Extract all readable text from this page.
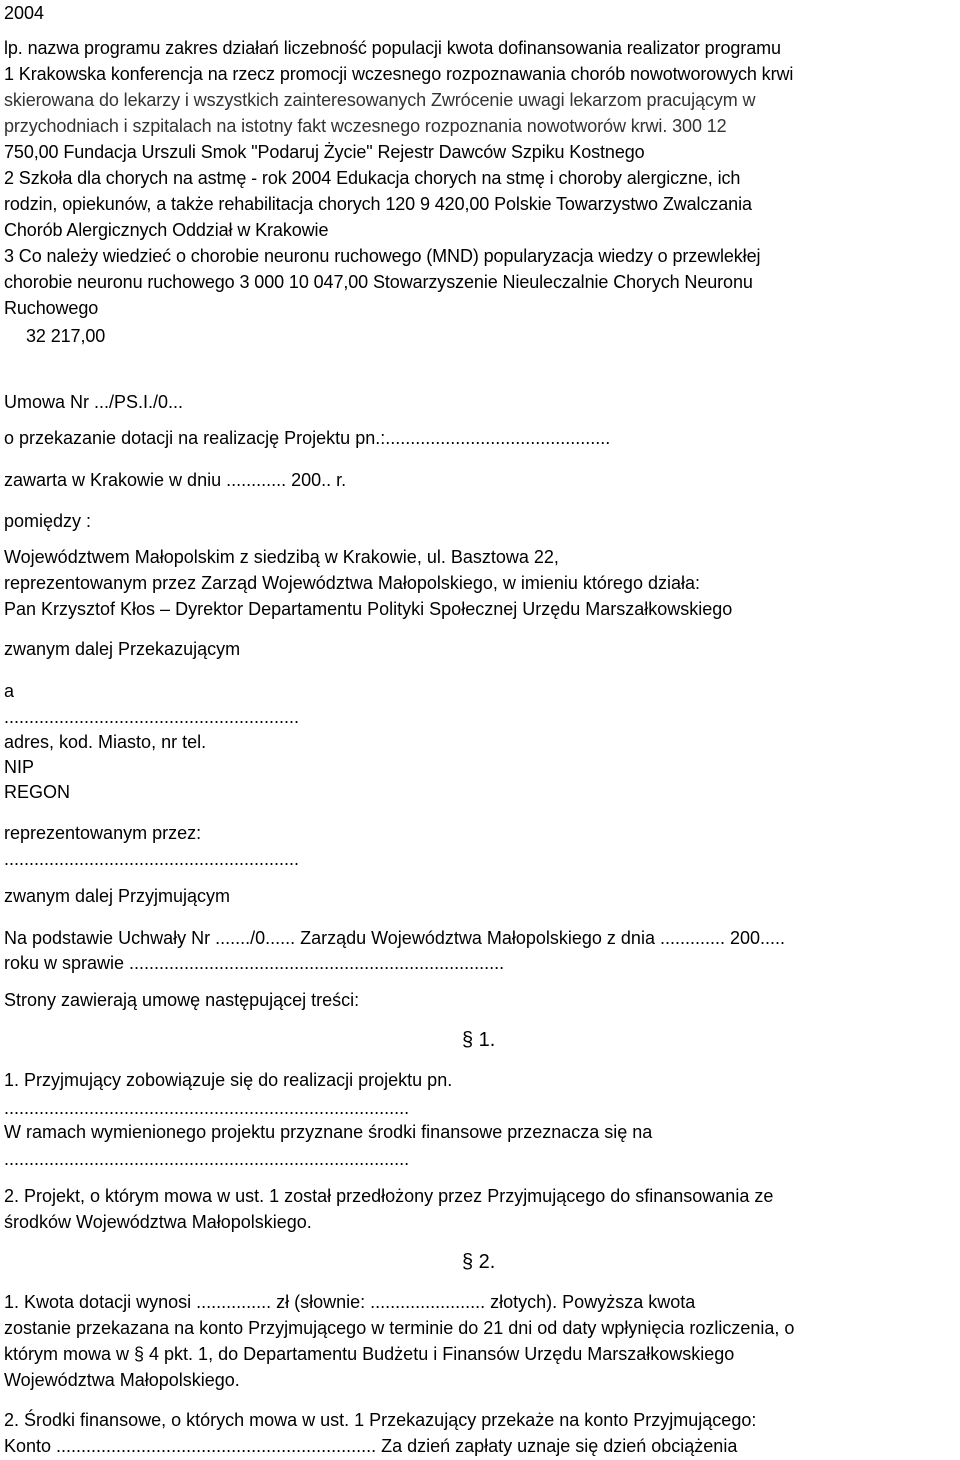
2004

lp. nazwa programu zakres działań liczebność populacji kwota dofinansowania realizator programu

1 Krakowska konferencja na rzecz promocji wczesnego rozpoznawania chorób nowotworowych krwi

skierowana do lekarzy i wszystkich zainteresowanych Zwrócenie uwagi lekarzom pracującym w

przychodniach i szpitalach na istotny fakt wczesnego rozpoznania nowotworów krwi. 300 12

750,00 Fundacja Urszuli Smok "Podaruj Życie" Rejestr Dawców Szpiku Kostnego

2 Szkoła dla chorych na astmę - rok 2004 Edukacja chorych na stmę i choroby alergiczne, ich

rodzin, opiekunów, a także rehabilitacja chorych 120 9 420,00 Polskie Towarzystwo Zwalczania

Chorób Alergicznych Oddział w Krakowie

3 Co należy wiedzieć o chorobie neuronu ruchowego (MND) popularyzacja wiedzy o przewlekłej

chorobie neuronu ruchowego 3 000 10 047,00 Stowarzyszenie Nieuleczalnie Chorych Neuronu

Ruchowego

32 217,00

Umowa Nr .../PS.I./0...

o przekazanie dotacji na realizację Projektu pn.:.............................................

zawarta w Krakowie w dniu ............ 200.. r.

pomiędzy :

Województwem Małopolskim z siedzibą w Krakowie, ul. Basztowa 22,

reprezentowanym przez Zarząd Województwa Małopolskiego, w imieniu którego działa:

Pan Krzysztof Kłos – Dyrektor Departamentu Polityki Społecznej Urzędu Marszałkowskiego

zwanym dalej Przekazującym

a

...........................................................

adres, kod. Miasto, nr tel.

NIP

REGON

reprezentowanym przez:

...........................................................

zwanym dalej Przyjmującym

Na podstawie Uchwały Nr ......./0...... Zarządu Województwa Małopolskiego z dnia ............. 200.....

roku w sprawie ...........................................................................

Strony zawierają umowę następującej treści:

§ 1.

1. Przyjmujący zobowiązuje się do realizacji projektu pn.

.................................................................................

W ramach wymienionego projektu przyznane środki finansowe przeznacza się na

.................................................................................

2. Projekt, o którym mowa w ust. 1 został przedłożony przez Przyjmującego do sfinansowania ze

środków Województwa Małopolskiego.

§ 2.

1. Kwota dotacji wynosi ............... zł (słownie: ....................... złotych). Powyższa kwota

zostanie przekazana na konto Przyjmującego w terminie do 21 dni od daty wpłynięcia rozliczenia, o

którym mowa w § 4 pkt. 1, do Departamentu Budżetu i Finansów Urzędu Marszałkowskiego

Województwa Małopolskiego.

2. Środki finansowe, o których mowa w ust. 1 Przekazujący przekaże na konto Przyjmującego:

Konto ................................................................ Za dzień zapłaty uznaje się dzień obciążenia
